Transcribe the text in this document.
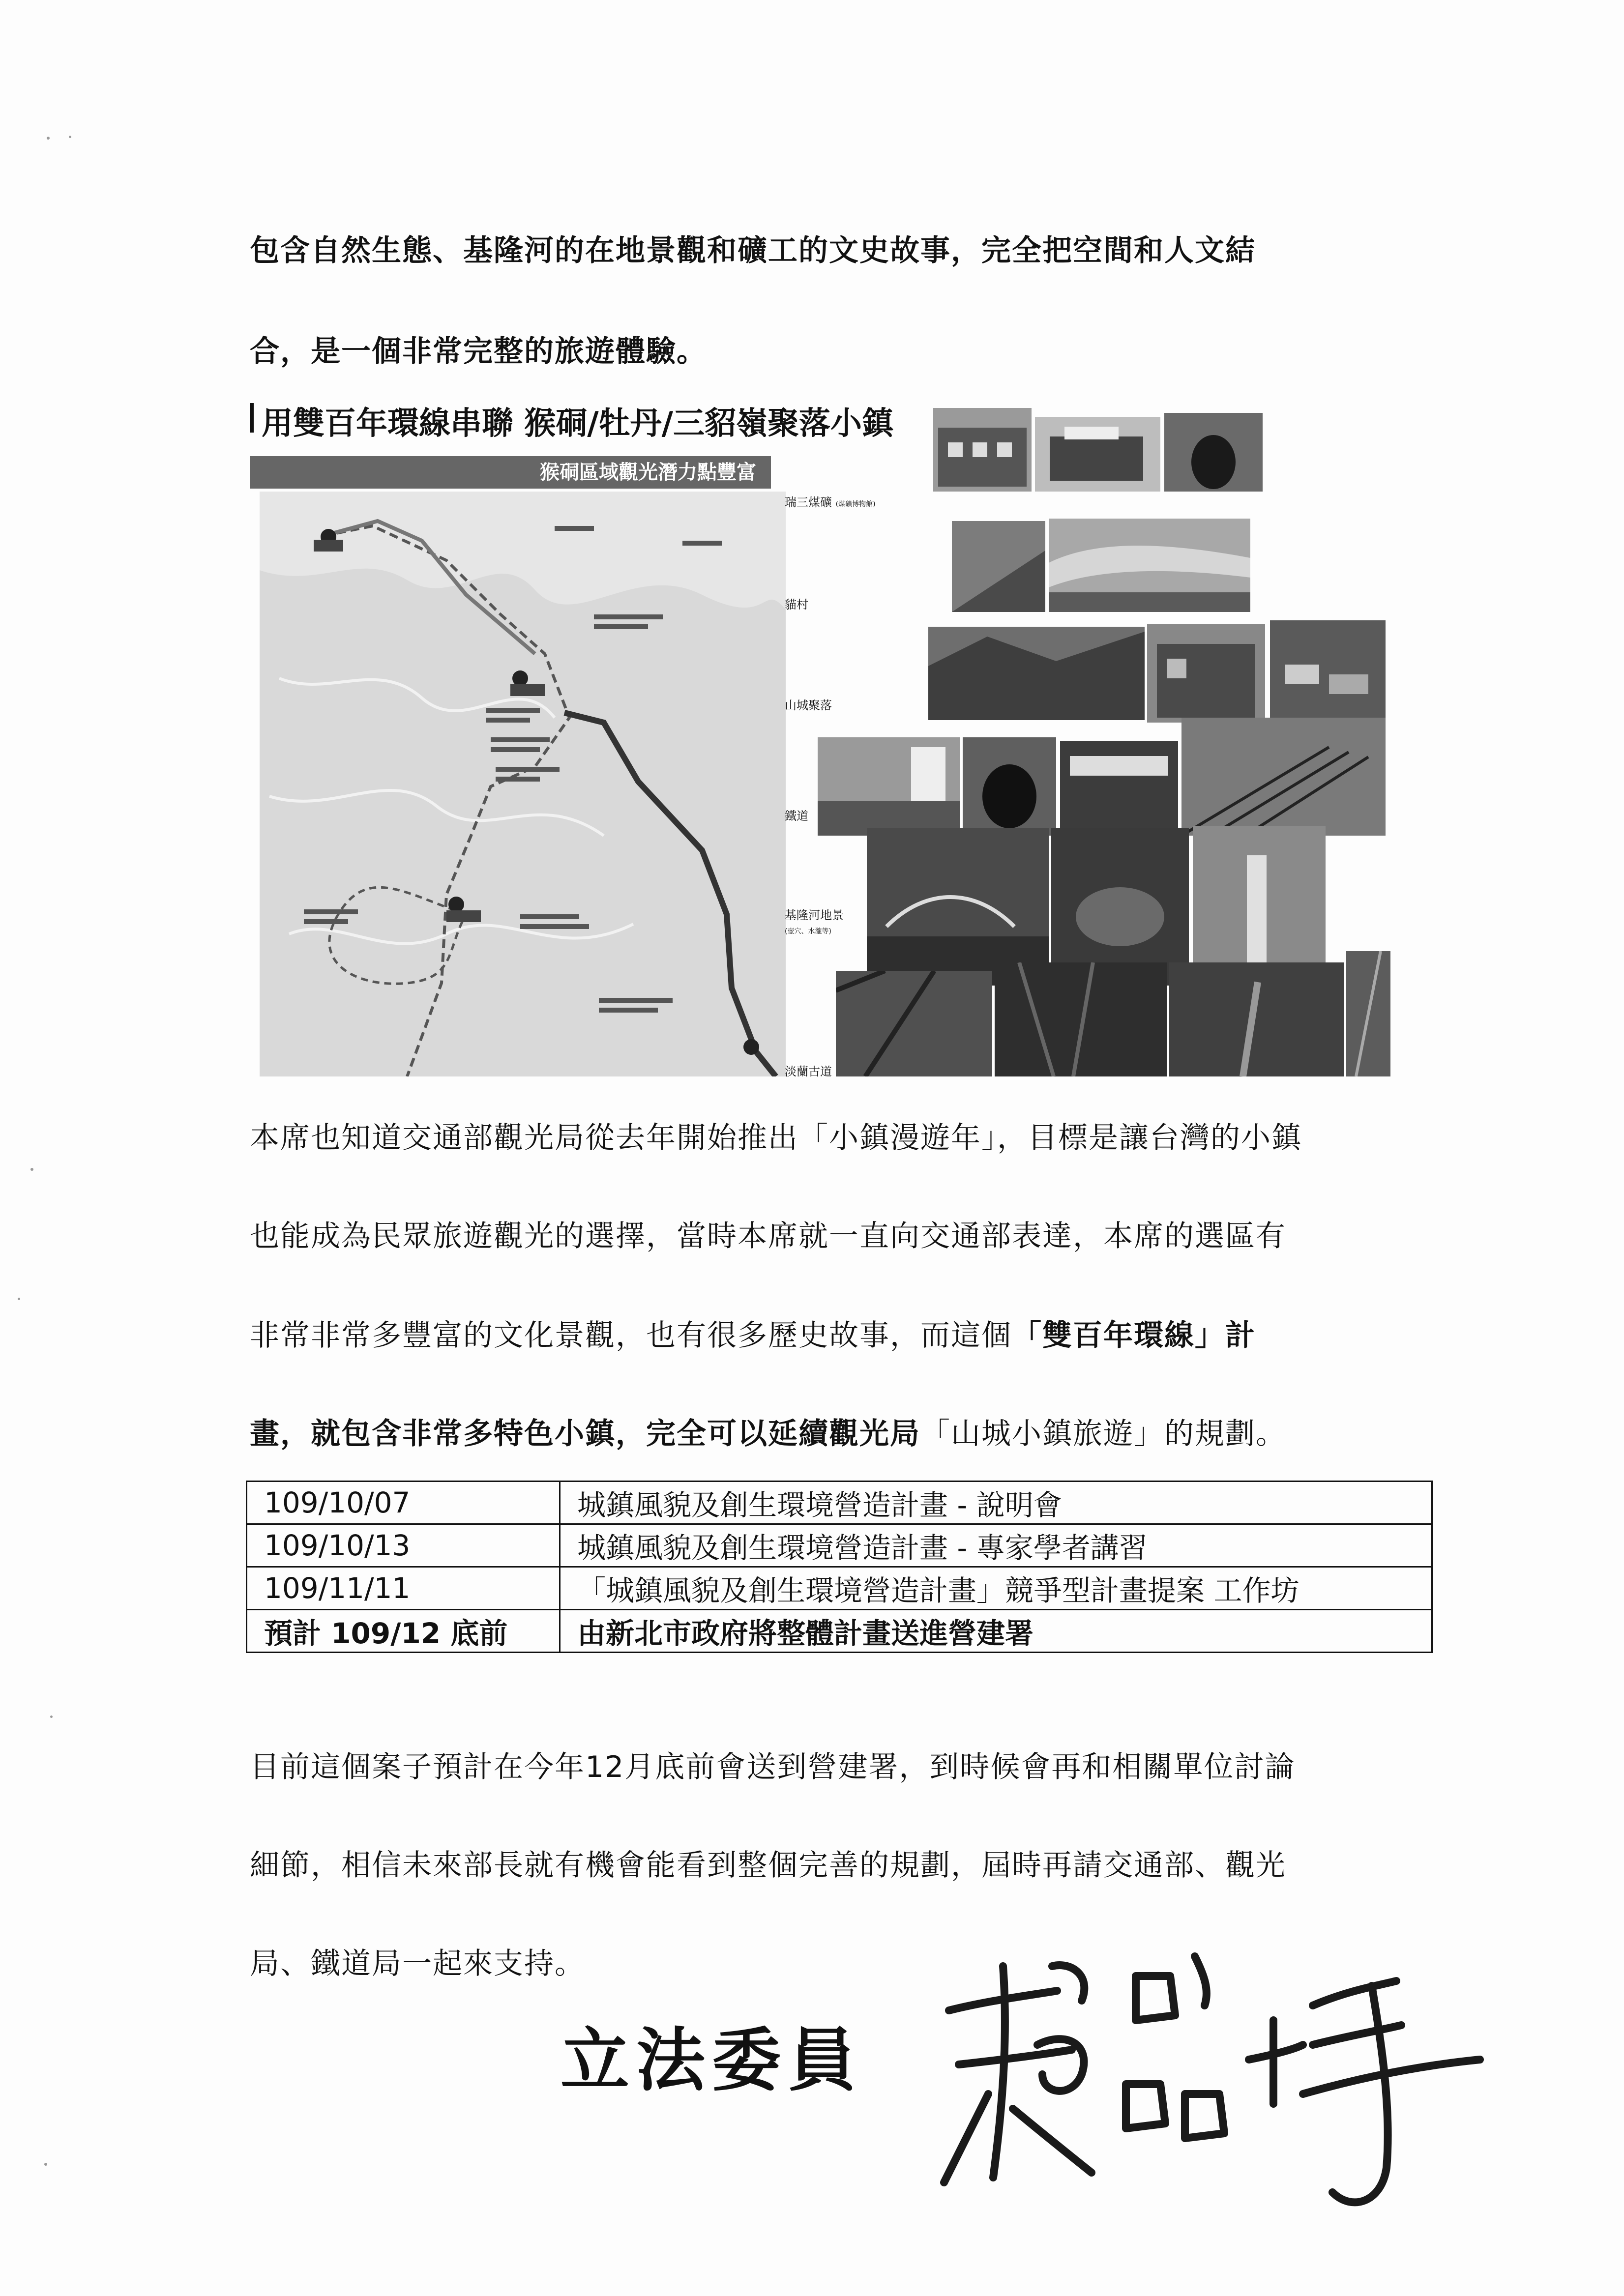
包含自然生態、基隆河的在地景觀和礦工的文史故事，完全把空間和人文結
合，是一個非常完整的旅遊體驗。
用雙百年環線串聯 猴硐/牡丹/三貂嶺聚落小鎮
猴硐區域觀光潛力點豐富
瑞三煤礦 (煤礦博物館)
貓村
山城聚落
鐵道
基隆河地景
(壺穴、水瀧等)
淡蘭古道
本席也知道交通部觀光局從去年開始推出「小鎮漫遊年」，目標是讓台灣的小鎮
也能成為民眾旅遊觀光的選擇，當時本席就一直向交通部表達，本席的選區有
非常非常多豐富的文化景觀，也有很多歷史故事，而這個「雙百年環線」計
畫，就包含非常多特色小鎮，完全可以延續觀光局「山城小鎮旅遊」的規劃。
109/10/07	城鎮風貌及創生環境營造計畫 - 說明會
109/10/13	城鎮風貌及創生環境營造計畫 - 專家學者講習
109/11/11	「城鎮風貌及創生環境營造計畫」競爭型計畫提案 工作坊
預計 109/12 底前	由新北市政府將整體計畫送進營建署
目前這個案子預計在今年12月底前會送到營建署，到時候會再和相關單位討論
細節，相信未來部長就有機會能看到整個完善的規劃，屆時再請交通部、觀光
局、鐵道局一起來支持。
立法委員
